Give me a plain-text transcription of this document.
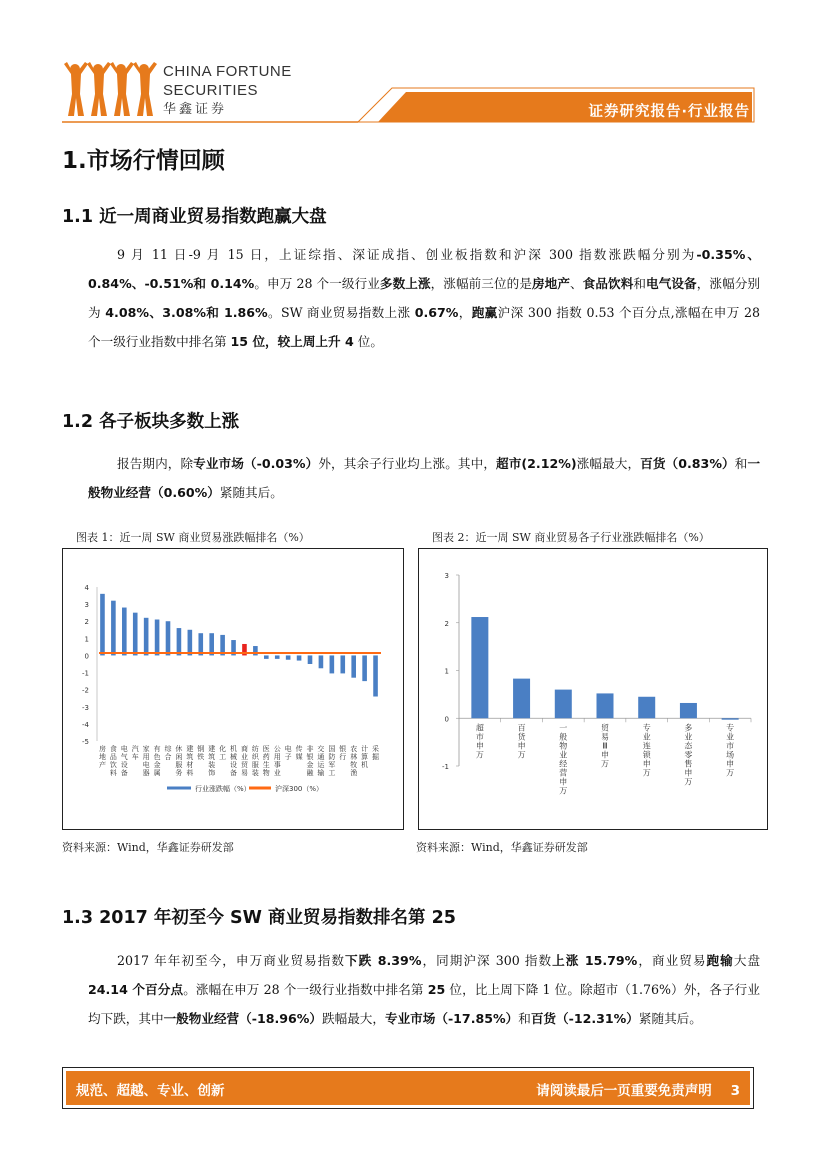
CHINA FORTUNE
SECURITIES
华鑫证券	证券研究报告·行业报告
1.市场行情回顾
1.1 近一周商业贸易指数跑赢大盘

9 月 11 日-9 月 15 日，上证综指、深证成指、创业板指数和沪深 300 指数涨跌幅分别为-0.35%、0.84%、-0.51%和 0.14%。申万 28 个一级行业多数上涨，涨幅前三位的是房地产、食品饮料和电气设备，涨幅分别为 4.08%、3.08%和 1.86%。SW 商业贸易指数上涨 0.67%，跑赢沪深 300 指数 0.53 个百分点,涨幅在申万 28 个一级行业指数中排名第 15 位，较上周上升 4 位。

1.2 各子板块多数上涨

报告期内，除专业市场（-0.03%）外，其余子行业均上涨。其中，超市(2.12%)涨幅最大，百货（0.83%）和一般物业经营（0.60%）紧随其后。

图表 1：近一周 SW 商业贸易涨跌幅排名（%）	图表 2：近一周 SW 商业贸易各子行业涨跌幅排名（%）
4
3
2
1
0
-1
-2
-3
-4
-5
房地产
食品饮料
电气设备
汽车
家用电器
有色金属
综合
休闲服务
建筑材料
钢铁
建筑装饰
化工
机械设备
商业贸易
纺织服装
医药生物
公用事业
电子
传媒
非银金融
交通运输
国防军工
银行
农林牧渔
计算机
采掘
行业涨跌幅（%）	沪深300（%）
3
2
1
0
-1
超市申万
百货申万
一般物业经营申万
贸易 Ⅲ 申万
专业连锁申万
多业态零售申万
专业市场申万
资料来源：Wind，华鑫证券研发部	资料来源：Wind，华鑫证券研发部
1.3 2017 年初至今 SW 商业贸易指数排名第 25

2017 年年初至今，申万商业贸易指数下跌 8.39%，同期沪深 300 指数上涨 15.79%，商业贸易跑输大盘 24.14 个百分点。涨幅在申万 28 个一级行业指数中排名第 25 位，比上周下降 1 位。除超市（1.76%）外，各子行业均下跌，其中一般物业经营（-18.96%）跌幅最大，专业市场（-17.85%）和百货（-12.31%）紧随其后。

规范、超越、专业、创新	请阅读最后一页重要免责声明 3
